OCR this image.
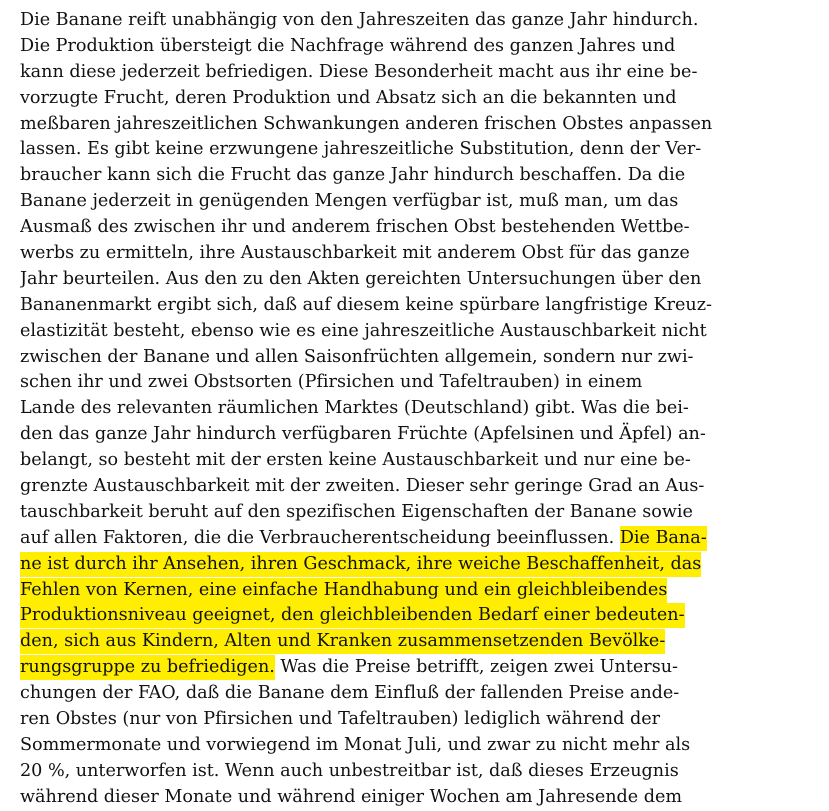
Die Banane reift unabhängig von den Jahreszeiten das ganze Jahr hindurch.
Die Produktion übersteigt die Nachfrage während des ganzen Jahres und
kann diese jederzeit befriedigen. Diese Besonderheit macht aus ihr eine be-
vorzugte Frucht, deren Produktion und Absatz sich an die bekannten und
meßbaren jahreszeitlichen Schwankungen anderen frischen Obstes anpassen
lassen. Es gibt keine erzwungene jahreszeitliche Substitution, denn der Ver-
braucher kann sich die Frucht das ganze Jahr hindurch beschaffen. Da die
Banane jederzeit in genügenden Mengen verfügbar ist, muß man, um das
Ausmaß des zwischen ihr und anderem frischen Obst bestehenden Wettbe-
werbs zu ermitteln, ihre Austauschbarkeit mit anderem Obst für das ganze
Jahr beurteilen. Aus den zu den Akten gereichten Untersuchungen über den
Bananenmarkt ergibt sich, daß auf diesem keine spürbare langfristige Kreuz-
elastizität besteht, ebenso wie es eine jahreszeitliche Austauschbarkeit nicht
zwischen der Banane und allen Saisonfrüchten allgemein, sondern nur zwi-
schen ihr und zwei Obstsorten (Pfirsichen und Tafeltrauben) in einem
Lande des relevanten räumlichen Marktes (Deutschland) gibt. Was die bei-
den das ganze Jahr hindurch verfügbaren Früchte (Apfelsinen und Äpfel) an-
belangt, so besteht mit der ersten keine Austauschbarkeit und nur eine be-
grenzte Austauschbarkeit mit der zweiten. Dieser sehr geringe Grad an Aus-
tauschbarkeit beruht auf den spezifischen Eigenschaften der Banane sowie
auf allen Faktoren, die die Verbraucherentscheidung beeinflussen. Die Bana-
ne ist durch ihr Ansehen, ihren Geschmack, ihre weiche Beschaffenheit, das
Fehlen von Kernen, eine einfache Handhabung und ein gleichbleibendes
Produktionsniveau geeignet, den gleichbleibenden Bedarf einer bedeuten-
den, sich aus Kindern, Alten und Kranken zusammensetzenden Bevölke-
rungsgruppe zu befriedigen. Was die Preise betrifft, zeigen zwei Untersu-
chungen der FAO, daß die Banane dem Einfluß der fallenden Preise ande-
ren Obstes (nur von Pfirsichen und Tafeltrauben) lediglich während der
Sommermonate und vorwiegend im Monat Juli, und zwar zu nicht mehr als
20 %, unterworfen ist. Wenn auch unbestreitbar ist, daß dieses Erzeugnis
während dieser Monate und während einiger Wochen am Jahresende dem
